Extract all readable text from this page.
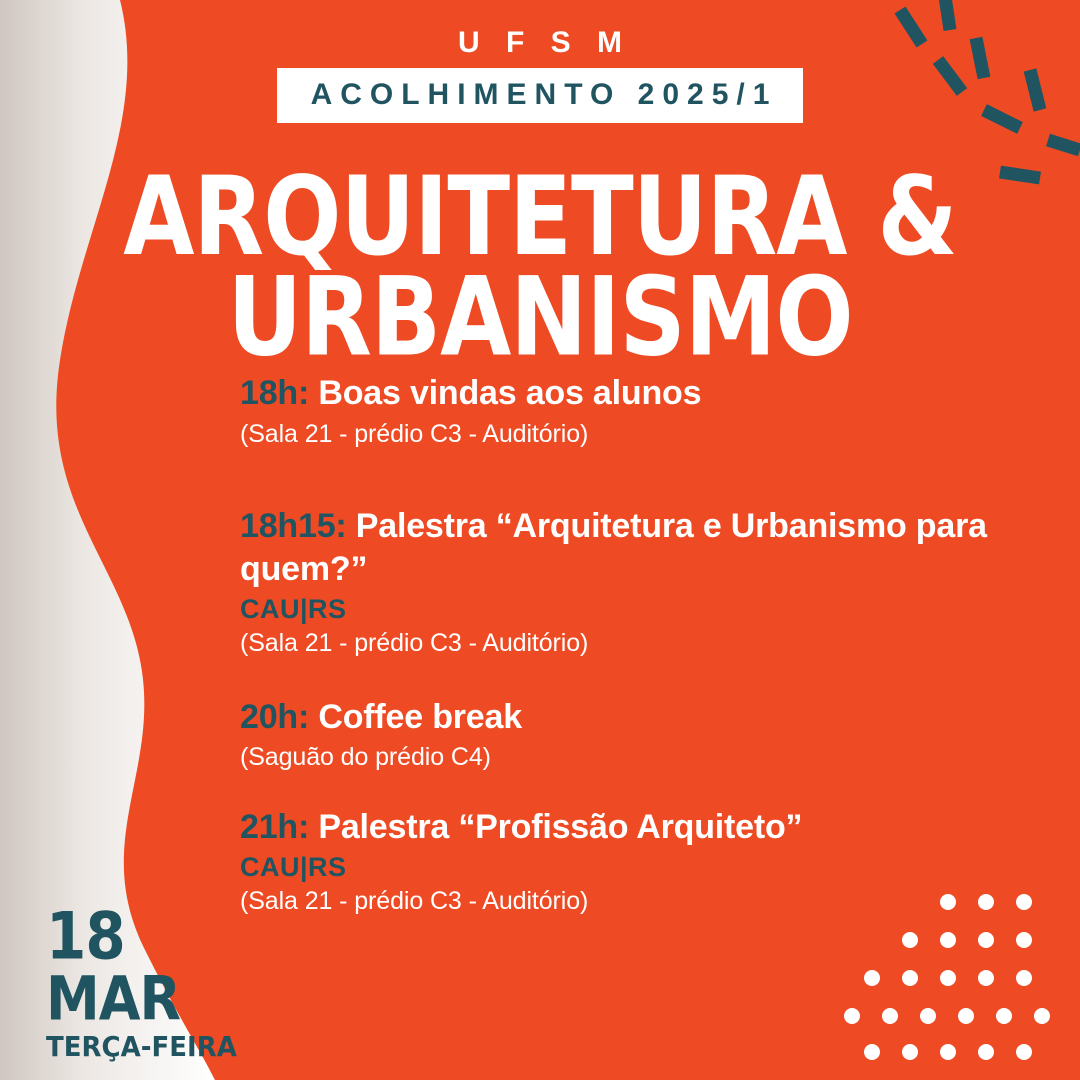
U F S M
ACOLHIMENTO 2025/1
ARQUITETURA &
URBANISMO
18h: Boas vindas aos alunos
(Sala 21 - prédio C3 - Auditório)
18h15: Palestra “Arquitetura e Urbanismo para quem?”
CAU|RS
(Sala 21 - prédio C3 - Auditório)
20h: Coffee break
(Saguão do prédio C4)
21h: Palestra “Profissão Arquiteto”
CAU|RS
(Sala 21 - prédio C3 - Auditório)
18
MAR
TERÇA-FEIRA
